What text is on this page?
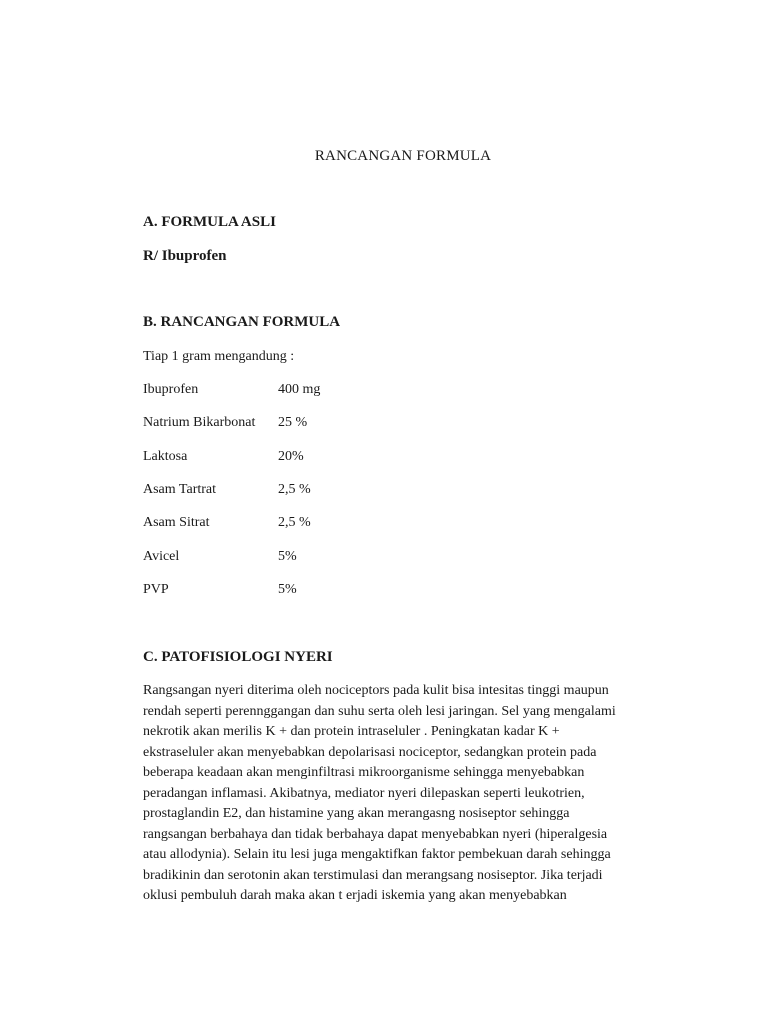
RANCANGAN FORMULA
A. FORMULA ASLI
R/ Ibuprofen
B. RANCANGAN FORMULA
Tiap 1 gram mengandung :
Ibuprofen	400 mg
Natrium Bikarbonat 25 %
Laktosa	20%
Asam Tartrat	2,5 %
Asam Sitrat	2,5 %
Avicel	5%
PVP	5%
C. PATOFISIOLOGI NYERI
Rangsangan nyeri diterima oleh nociceptors pada kulit bisa intesitas tinggi maupun
rendah seperti perennggangan dan suhu serta oleh lesi jaringan. Sel yang mengalami
nekrotik akan merilis K + dan protein intraseluler . Peningkatan kadar K +
ekstraseluler akan menyebabkan depolarisasi nociceptor, sedangkan protein pada
beberapa keadaan akan menginfiltrasi mikroorganisme sehingga menyebabkan
peradangan inflamasi. Akibatnya, mediator nyeri dilepaskan seperti leukotrien,
prostaglandin E2, dan histamine yang akan merangasng nosiseptor sehingga
rangsangan berbahaya dan tidak berbahaya dapat menyebabkan nyeri (hiperalgesia
atau allodynia). Selain itu lesi juga mengaktifkan faktor pembekuan darah sehingga
bradikinin dan serotonin akan terstimulasi dan merangsang nosiseptor. Jika terjadi
oklusi pembuluh darah maka akan t erjadi iskemia yang akan menyebabkan
